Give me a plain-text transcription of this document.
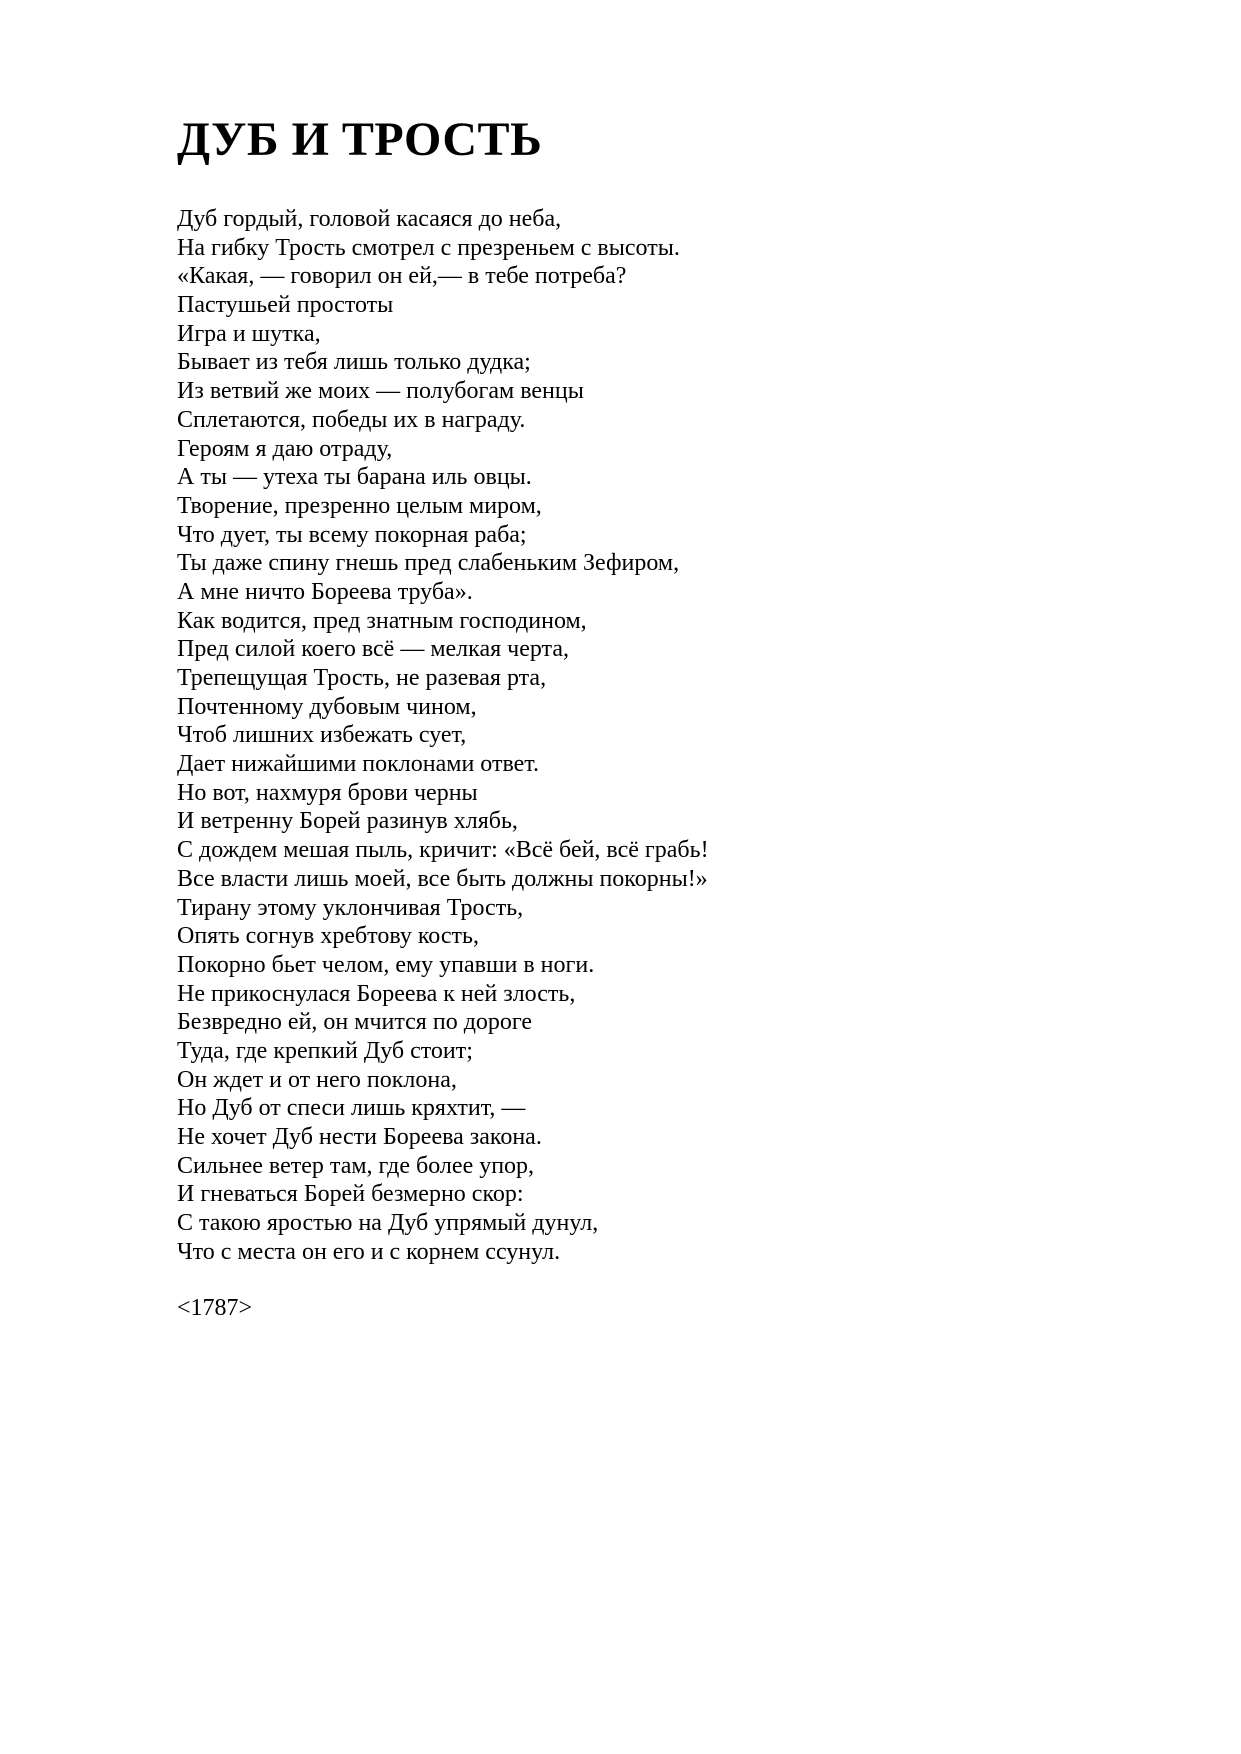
ДУБ И ТРОСТЬ
Дуб гордый, головой касаяся до неба,
На гибку Трость смотрел с презреньем с высоты.
«Какая, — говорил он ей,— в тебе потреба?
Пастушьей простоты
Игра и шутка,
Бывает из тебя лишь только дудка;
Из ветвий же моих — полубогам венцы
Сплетаются, победы их в награду.
Героям я даю отраду,
А ты — утеха ты барана иль овцы.
Творение, презренно целым миром,
Что дует, ты всему покорная раба;
Ты даже спину гнешь пред слабеньким Зефиром,
А мне ничто Бореева труба».
Как водится, пред знатным господином,
Пред силой коего всё — мелкая черта,
Трепещущая Трость, не разевая рта,
Почтенному дубовым чином,
Чтоб лишних избежать сует,
Дает нижайшими поклонами ответ.
Но вот, нахмуря брови черны
И ветренну Борей разинув хлябь,
С дождем мешая пыль, кричит: «Всё бей, всё грабь!
Все власти лишь моей, все быть должны покорны!»
Тирану этому уклончивая Трость,
Опять согнув хребтову кость,
Покорно бьет челом, ему упавши в ноги.
Не прикоснулася Бореева к ней злость,
Безвредно ей, он мчится по дороге
Туда, где крепкий Дуб стоит;
Он ждет и от него поклона,
Но Дуб от спеси лишь кряхтит, —
Не хочет Дуб нести Бореева закона.
Сильнее ветер там, где более упор,
И гневаться Борей безмерно скор:
С такою яростью на Дуб упрямый дунул,
Что с места он его и с корнем ссунул.

<1787>
